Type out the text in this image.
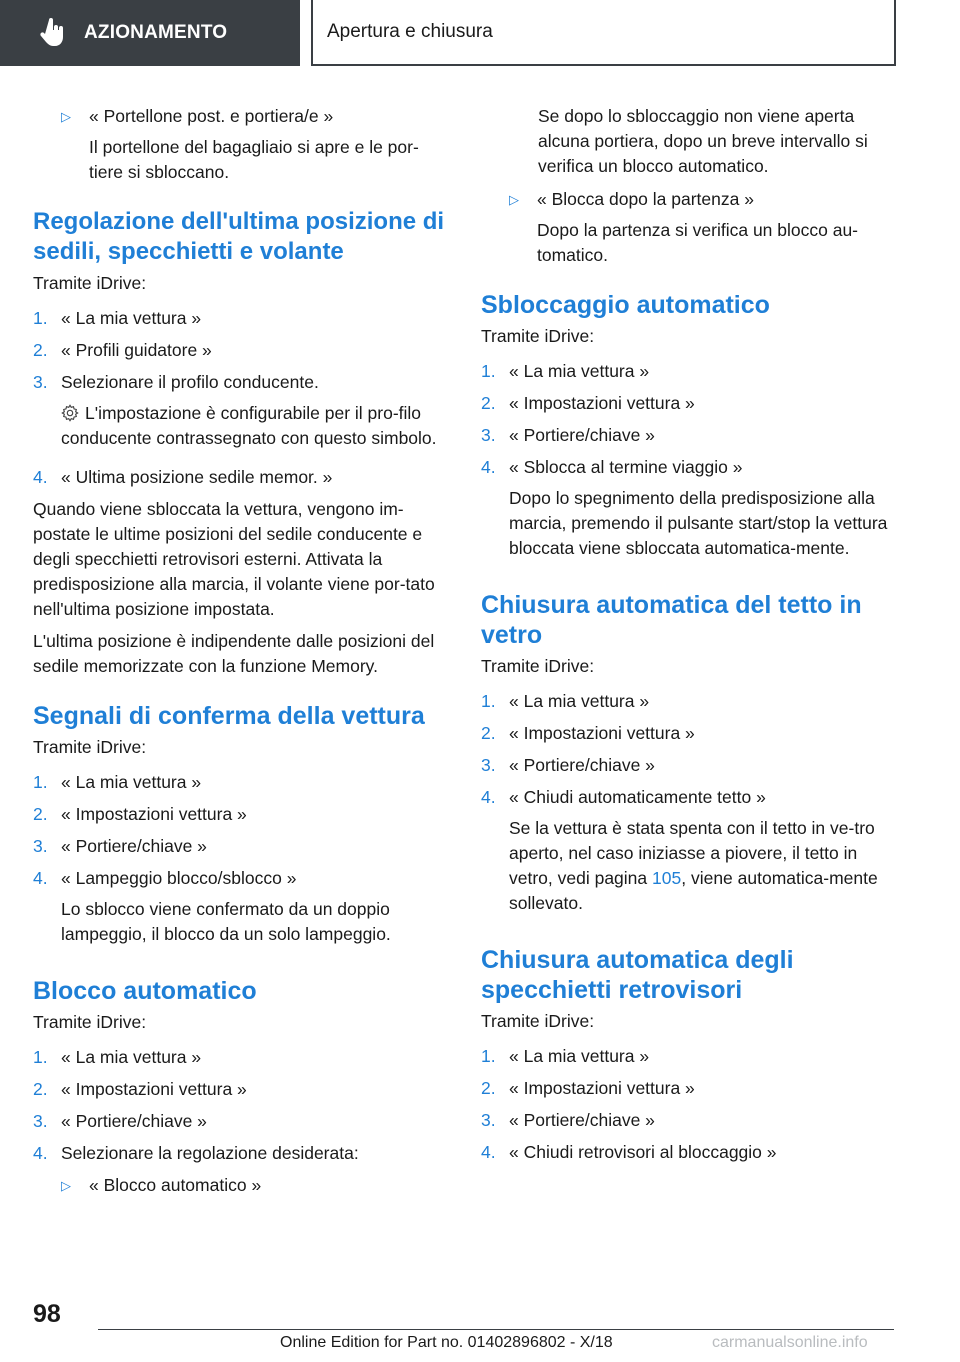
AZIONAMENTO	Apertura e chiusura
▷	« Portellone post. e portiera/e »

Il portellone del bagagliaio si apre e le por-tiere si sbloccano.

Regolazione dell'ultima posizione di sedili, specchietti e volante

Tramite iDrive:

1. « La mia vettura »
2. « Profili guidatore »
3. Selezionare il profilo conducente.

L'impostazione è configurabile per il pro-filo conducente contrassegnato con questo simbolo.

4. « Ultima posizione sedile memor. »

Quando viene sbloccata la vettura, vengono im-postate le ultime posizioni del sedile conducente e degli specchietti retrovisori esterni. Attivata la predisposizione alla marcia, il volante viene por-tato nell'ultima posizione impostata.

L'ultima posizione è indipendente dalle posizioni del sedile memorizzate con la funzione Memory.

Segnali di conferma della vettura

Tramite iDrive:

1. « La mia vettura »
2. « Impostazioni vettura »
3. « Portiere/chiave »
4. « Lampeggio blocco/sblocco »

Lo sblocco viene confermato da un doppio lampeggio, il blocco da un solo lampeggio.

Blocco automatico

Tramite iDrive:

1. « La mia vettura »
2. « Impostazioni vettura »
3. « Portiere/chiave »
4. Selezionare la regolazione desiderata:
▷	« Blocco automatico »

Se dopo lo sbloccaggio non viene aperta alcuna portiera, dopo un breve intervallo si verifica un blocco automatico.

▷	« Blocca dopo la partenza »

Dopo la partenza si verifica un blocco au-tomatico.

Sbloccaggio automatico

Tramite iDrive:

1. « La mia vettura »
2. « Impostazioni vettura »
3. « Portiere/chiave »
4. « Sblocca al termine viaggio »

Dopo lo spegnimento della predisposizione alla marcia, premendo il pulsante start/stop la vettura bloccata viene sbloccata automatica-mente.

Chiusura automatica del tetto in vetro

Tramite iDrive:

1. « La mia vettura »
2. « Impostazioni vettura »
3. « Portiere/chiave »
4. « Chiudi automaticamente tetto »

Se la vettura è stata spenta con il tetto in ve-tro aperto, nel caso iniziasse a piovere, il tetto in vetro, vedi pagina 105, viene automatica-mente sollevato.

Chiusura automatica degli specchietti retrovisori

Tramite iDrive:

1. « La mia vettura »
2. « Impostazioni vettura »
3. « Portiere/chiave »
4. « Chiudi retrovisori al bloccaggio »
98
Online Edition for Part no. 01402896802 - X/18	carmanualsonline.info
